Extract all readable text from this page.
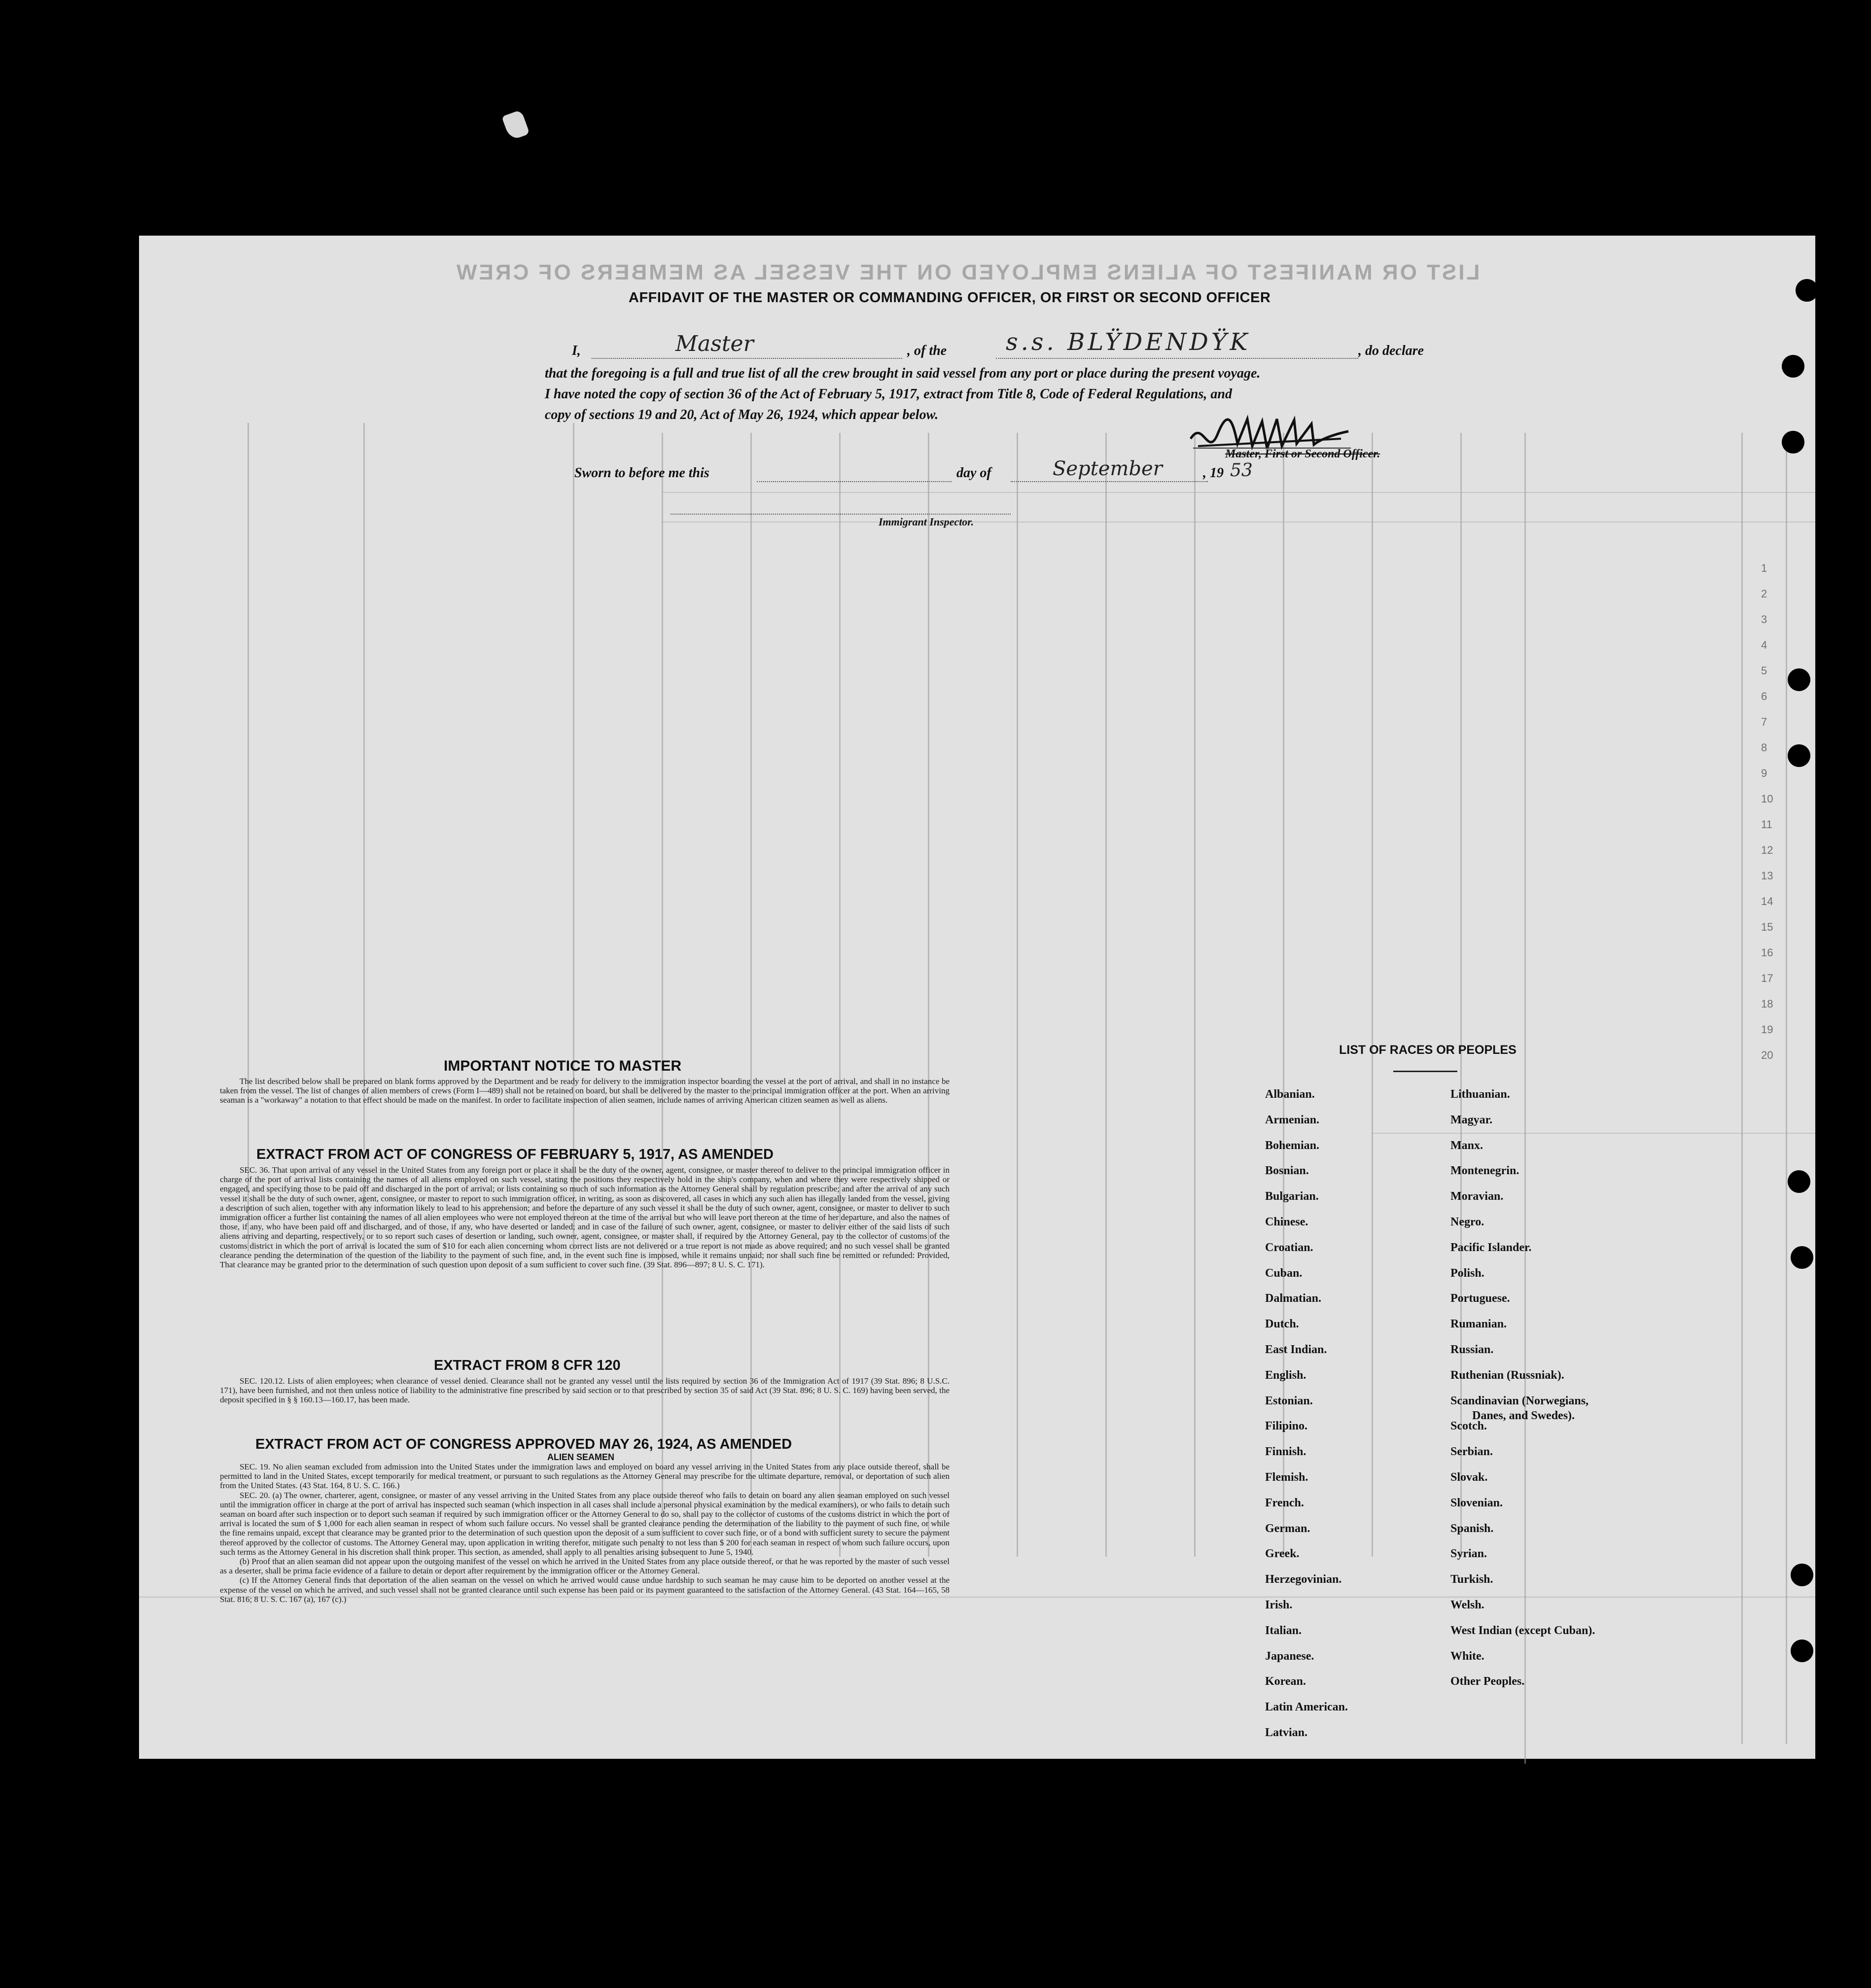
LIST OR MANIFEST OF ALIENS EMPLOYED ON THE VESSEL AS MEMBERS OF CREW
1
2
3
4
5
6
7
8
9
10
11
12
13
14
15
16
17
18
19
20
AFFIDAVIT OF THE MASTER OR COMMANDING OFFICER, OR FIRST OR SECOND OFFICER
I,	Master	, of the s.s. BLŸDENDŸK	, do declare
that the foregoing is a full and true list of all the crew brought in said vessel from any port or place during the present voyage.
I have noted the copy of section 36 of the Act of February 5, 1917, extract from Title 8, Code of Federal Regulations, and
copy of sections 19 and 20, Act of May 26, 1924, which appear below.
Master, First or Second Officer.
Sworn to before me this	day of	September	, 19 53
Immigrant Inspector.
IMPORTANT NOTICE TO MASTER

The list described below shall be prepared on blank forms approved by the Department and be ready for delivery to the immigration inspector boarding the vessel at the port of arrival, and shall in no instance be taken from the vessel. The list of changes of alien members of crews (Form I—489) shall not be retained on board, but shall be delivered by the master to the principal immigration officer at the port. When an arriving seaman is a "workaway" a notation to that effect should be made on the manifest. In order to facilitate inspection of alien seamen, include names of arriving American citizen seamen as well as aliens.

EXTRACT FROM ACT OF CONGRESS OF FEBRUARY 5, 1917, AS AMENDED

SEC. 36. That upon arrival of any vessel in the United States from any foreign port or place it shall be the duty of the owner, agent, consignee, or master thereof to deliver to the principal immigration officer in charge of the port of arrival lists containing the names of all aliens employed on such vessel, stating the positions they respectively hold in the ship's company, when and where they were respectively shipped or engaged, and specifying those to be paid off and discharged in the port of arrival; or lists containing so much of such information as the Attorney General shall by regulation prescribe; and after the arrival of any such vessel it shall be the duty of such owner, agent, consignee, or master to report to such immigration officer, in writing, as soon as discovered, all cases in which any such alien has illegally landed from the vessel, giving a description of such alien, together with any information likely to lead to his apprehension; and before the departure of any such vessel it shall be the duty of such owner, agent, consignee, or master to deliver to such immigration officer a further list containing the names of all alien employees who were not employed thereon at the time of the arrival but who will leave port thereon at the time of her departure, and also the names of those, if any, who have been paid off and discharged, and of those, if any, who have deserted or landed; and in case of the failure of such owner, agent, consignee, or master to deliver either of the said lists of such aliens arriving and departing, respectively, or to so report such cases of desertion or landing, such owner, agent, consignee, or master shall, if required by the Attorney General, pay to the collector of customs of the customs district in which the port of arrival is located the sum of $10 for each alien concerning whom correct lists are not delivered or a true report is not made as above required; and no such vessel shall be granted clearance pending the determination of the question of the liability to the payment of such fine, and, in the event such fine is imposed, while it remains unpaid; nor shall such fine be remitted or refunded: Provided, That clearance may be granted prior to the determination of such question upon deposit of a sum sufficient to cover such fine. (39 Stat. 896—897; 8 U. S. C. 171).

EXTRACT FROM 8 CFR 120

SEC. 120.12. Lists of alien employees; when clearance of vessel denied. Clearance shall not be granted any vessel until the lists required by section 36 of the Immigration Act of 1917 (39 Stat. 896; 8 U.S.C. 171), have been furnished, and not then unless notice of liability to the administrative fine prescribed by said section or to that prescribed by section 35 of said Act (39 Stat. 896; 8 U. S. C. 169) having been served, the deposit specified in § § 160.13—160.17, has been made.

EXTRACT FROM ACT OF CONGRESS APPROVED MAY 26, 1924, AS AMENDED
ALIEN SEAMEN

SEC. 19. No alien seaman excluded from admission into the United States under the immigration laws and employed on board any vessel arriving in the United States from any place outside thereof, shall be permitted to land in the United States, except temporarily for medical treatment, or pursuant to such regulations as the Attorney General may prescribe for the ultimate departure, removal, or deportation of such alien from the United States. (43 Stat. 164, 8 U. S. C. 166.)

SEC. 20. (a) The owner, charterer, agent, consignee, or master of any vessel arriving in the United States from any place outside thereof who fails to detain on board any alien seaman employed on such vessel until the immigration officer in charge at the port of arrival has inspected such seaman (which inspection in all cases shall include a personal physical examination by the medical examiners), or who fails to detain such seaman on board after such inspection or to deport such seaman if required by such immigration officer or the Attorney General to do so, shall pay to the collector of customs of the customs district in which the port of arrival is located the sum of $ 1,000 for each alien seaman in respect of whom such failure occurs. No vessel shall be granted clearance pending the determination of the liability to the payment of such fine, or while the fine remains unpaid, except that clearance may be granted prior to the determination of such question upon the deposit of a sum sufficient to cover such fine, or of a bond with sufficient surety to secure the payment thereof approved by the collector of customs. The Attorney General may, upon application in writing therefor, mitigate such penalty to not less than $ 200 for each seaman in respect of whom such failure occurs, upon such terms as the Attorney General in his discretion shall think proper. This section, as amended, shall apply to all penalties arising subsequent to June 5, 1940.

(b) Proof that an alien seaman did not appear upon the outgoing manifest of the vessel on which he arrived in the United States from any place outside thereof, or that he was reported by the master of such vessel as a deserter, shall be prima facie evidence of a failure to detain or deport after requirement by the immigration officer or the Attorney General.

(c) If the Attorney General finds that deportation of the alien seaman on the vessel on which he arrived would cause undue hardship to such seaman he may cause him to be deported on another vessel at the expense of the vessel on which he arrived, and such vessel shall not be granted clearance until such expense has been paid or its payment guaranteed to the satisfaction of the Attorney General. (43 Stat. 164—165, 58 Stat. 816; 8 U. S. C. 167 (a), 167 (c).)

LIST OF RACES OR PEOPLES
Albanian.
Armenian.
Bohemian.
Bosnian.
Bulgarian.
Chinese.
Croatian.
Cuban.
Dalmatian.
Dutch.
East Indian.
English.
Estonian.
Filipino.
Finnish.
Flemish.
French.
German.
Greek.
Herzegovinian.
Irish.
Italian.
Japanese.
Korean.
Latin American.
Latvian.
Lithuanian.
Magyar.
Manx.
Montenegrin.
Moravian.
Negro.
Pacific Islander.
Polish.
Portuguese.
Rumanian.
Russian.
Ruthenian (Russniak).
Scandinavian (Norwegians,
Danes, and Swedes).
Scotch.
Serbian.
Slovak.
Slovenian.
Spanish.
Syrian.
Turkish.
Welsh.
West Indian (except Cuban).
White.
Other Peoples.
